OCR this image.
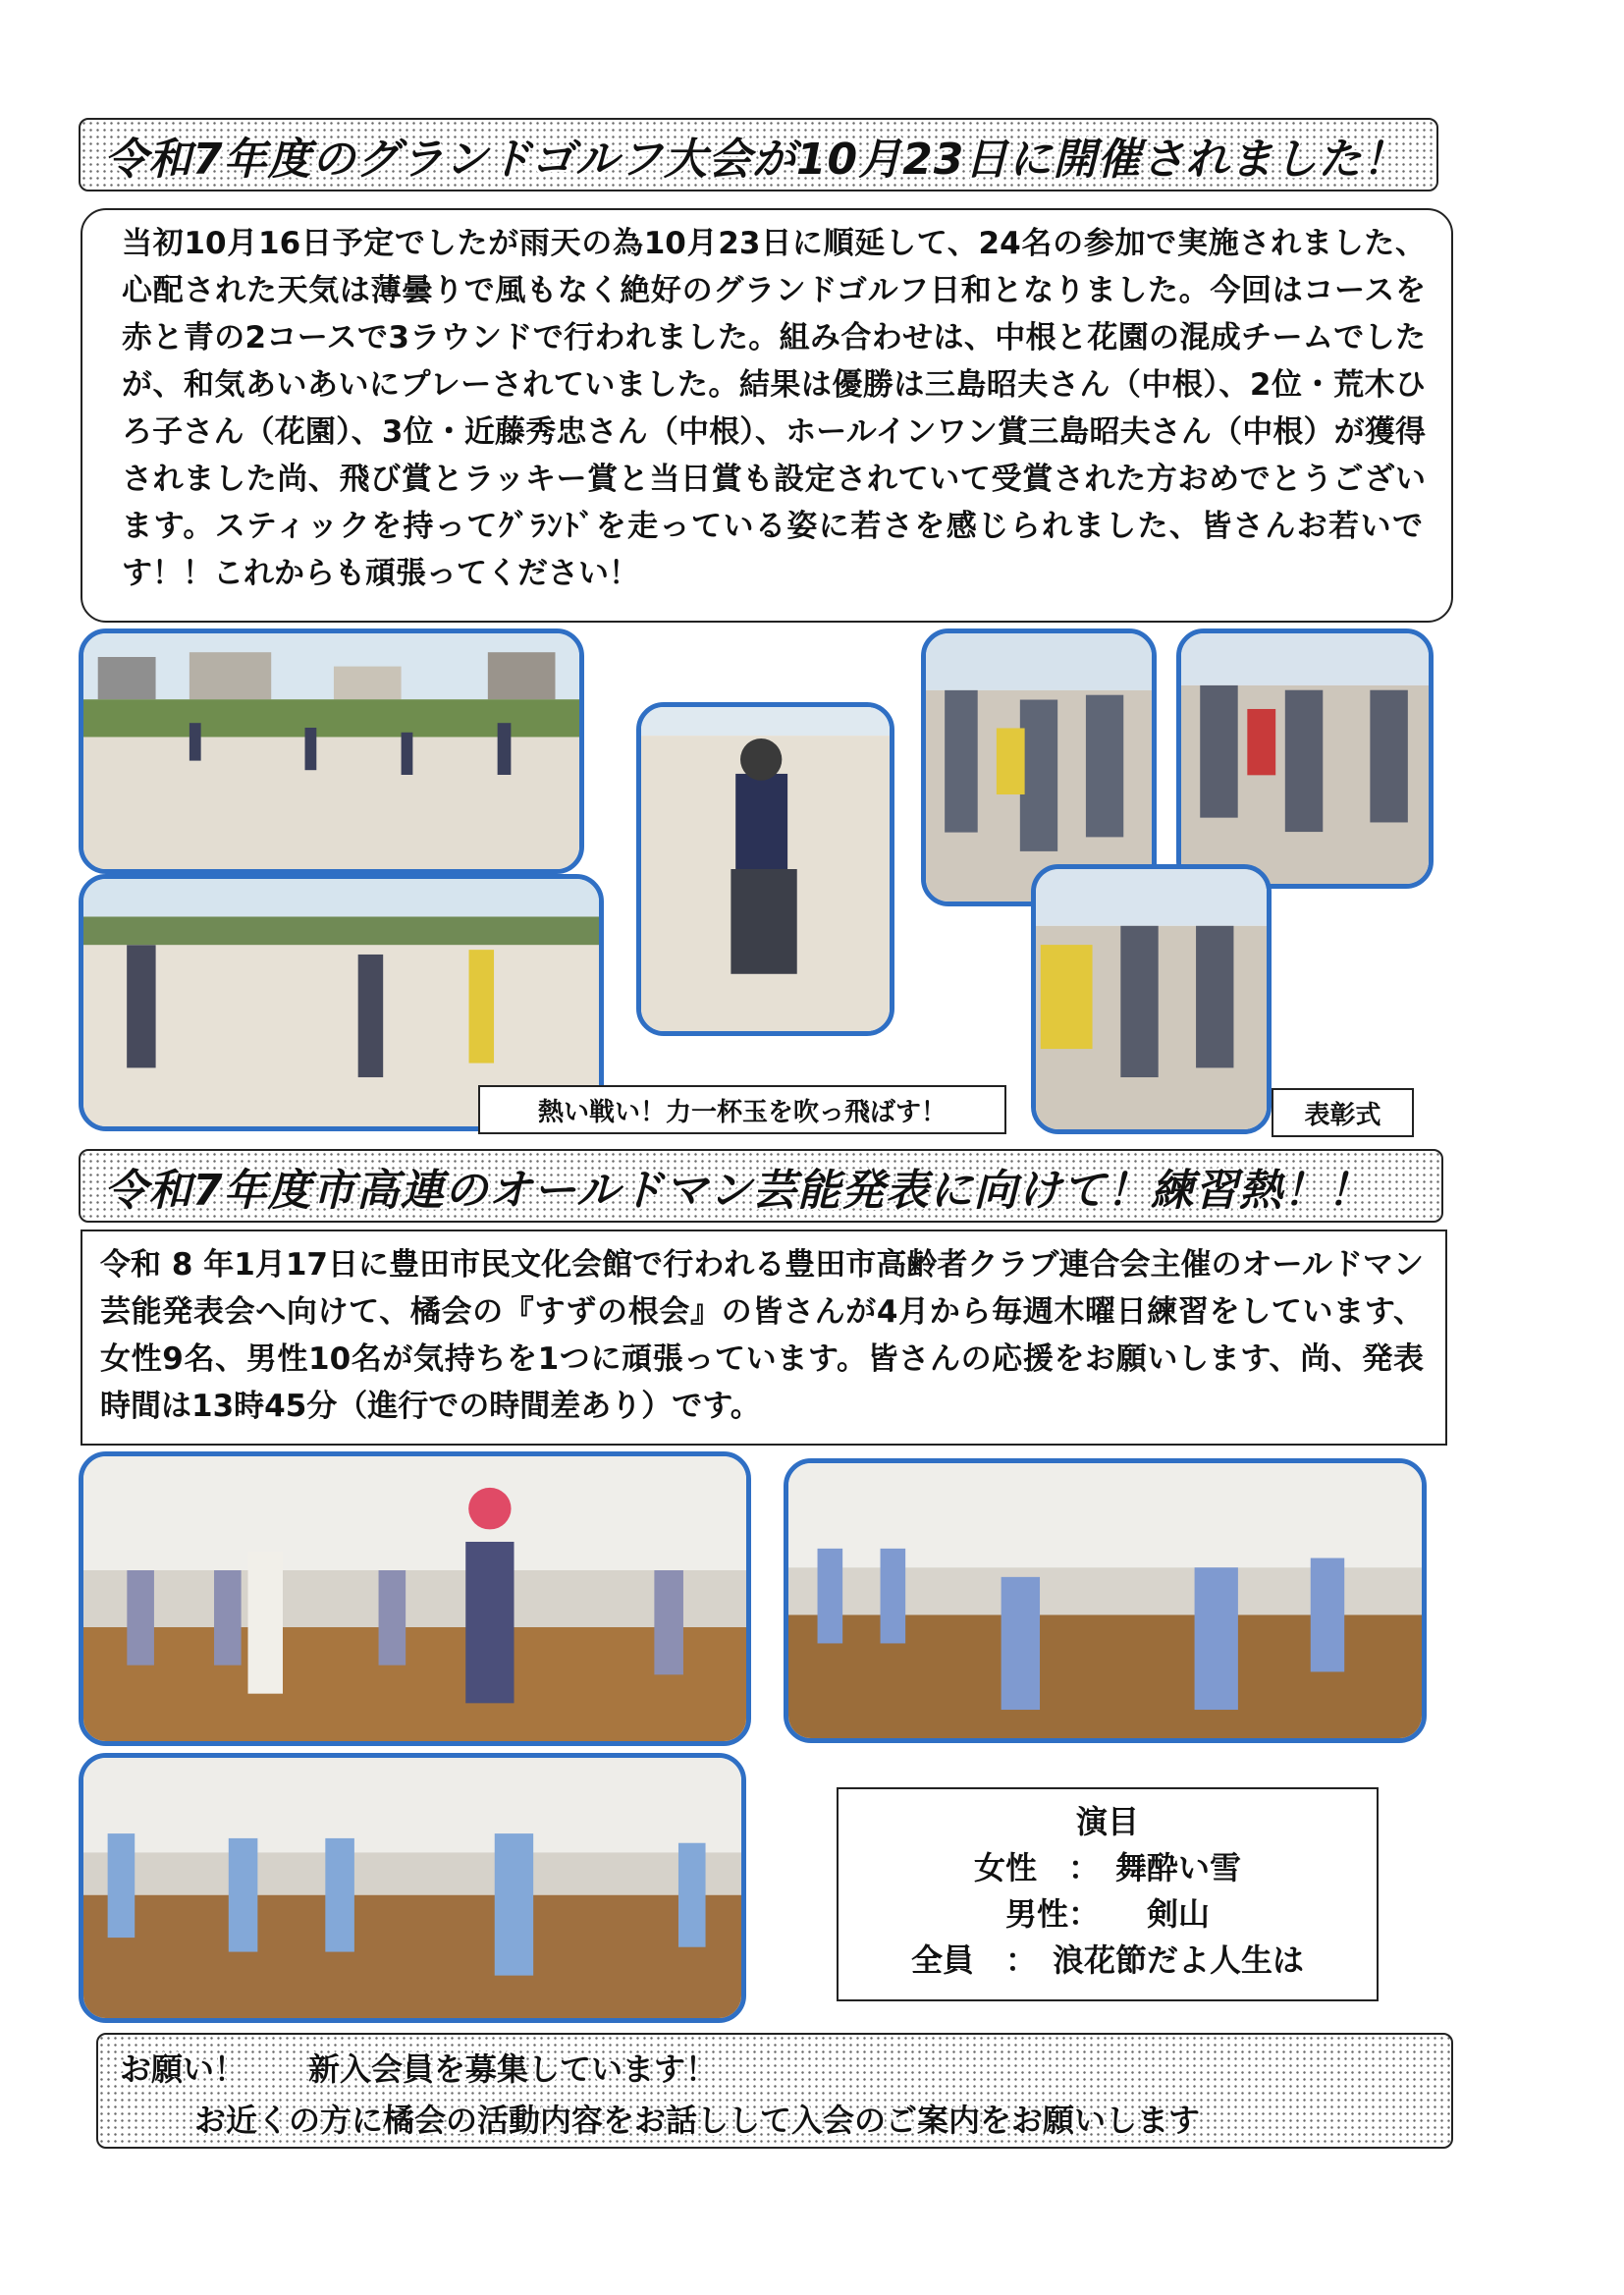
令和7年度のグランドゴルフ大会が10月23日に開催されました！

当初10月16日予定でしたが雨天の為10月23日に順延して、24名の参加で実施されました、心配された天気は薄曇りで風もなく絶好のグランドゴルフ日和となりました。今回はコースを赤と青の2コースで3ラウンドで行われました。組み合わせは、中根と花園の混成チームでしたが、和気あいあいにプレーされていました。結果は優勝は三島昭夫さん（中根）、2位・荒木ひろ子さん（花園）、3位・近藤秀忠さん（中根）、ホールインワン賞三島昭夫さん（中根）が獲得されました尚、飛び賞とラッキー賞と当日賞も設定されていて受賞された方おめでとうございます。スティックを持ってｸﾞﾗﾝﾄﾞを走っている姿に若さを感じられました、皆さんお若いです！！これからも頑張ってください！

熱い戦い！力一杯玉を吹っ飛ばす！	表彰式
令和7年度市高連のオールドマン芸能発表に向けて！練習熱！！

令和 8 年1月17日に豊田市民文化会館で行われる豊田市高齢者クラブ連合会主催のオールドマン芸能発表会へ向けて、橘会の『すずの根会』の皆さんが4月から毎週木曜日練習をしています、女性9名、男性10名が気持ちを1つに頑張っています。皆さんの応援をお願いします、尚、発表時間は13時45分（進行での時間差あり）です。

演目
女性　：　舞酔い雪
男性：　　剣山
全員　：　浪花節だよ人生は
お願い！　　新入会員を募集しています！
お近くの方に橘会の活動内容をお話しして入会のご案内をお願いします
